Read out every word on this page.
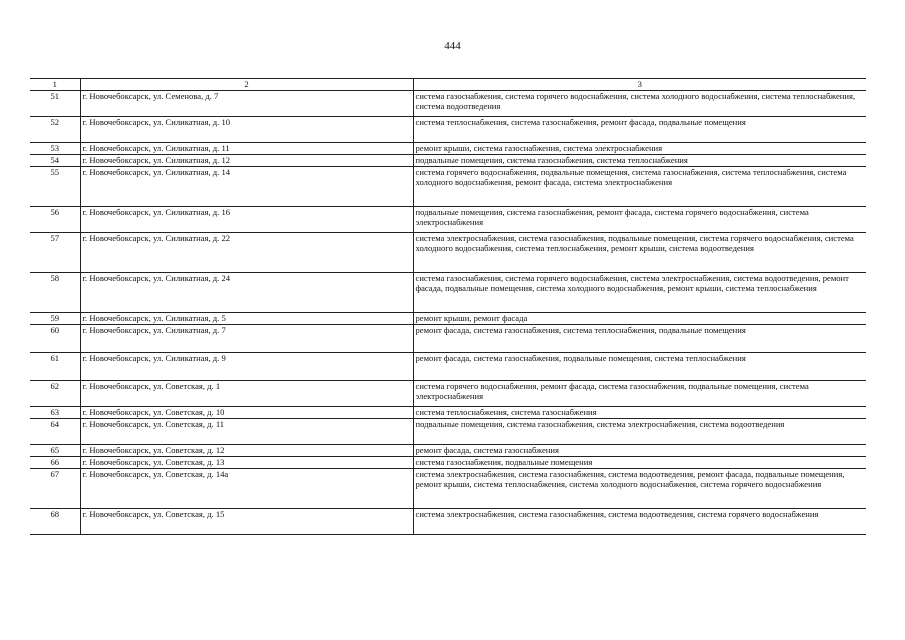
444
1	2	3
51	г. Новочебоксарск, ул. Семенова, д. 7	система газоснабжения, система горячего водоснабжения, система холодного водоснабжения, система теплоснабжения, система водоотведения
52	г. Новочебоксарск, ул. Силикатная, д. 10	система теплоснабжения, система газоснабжения, ремонт фасада, подвальные помещения
53	г. Новочебоксарск, ул. Силикатная, д. 11	ремонт крыши, система газоснабжения, система электроснабжения
54	г. Новочебоксарск, ул. Силикатная, д. 12	подвальные помещения, система газоснабжения, система теплоснабжения
55	г. Новочебоксарск, ул. Силикатная, д. 14	система горячего водоснабжения, подвальные помещения, система газоснабжения, система теплоснабжения, система холодного водоснабжения, ремонт фасада, система электроснабжения
56	г. Новочебоксарск, ул. Силикатная, д. 16	подвальные помещения, система газоснабжения, ремонт фасада, система горячего водоснабжения, система электроснабжения
57	г. Новочебоксарск, ул. Силикатная, д. 22	система электроснабжения, система газоснабжения, подвальные помещения, система горячего водоснабжения, система холодного водоснабжения, система теплоснабжения, ремонт крыши, система водоотведения
58	г. Новочебоксарск, ул. Силикатная, д. 24	система газоснабжения, система горячего водоснабжения, система электроснабжения, система водоотведения, ремонт фасада, подвальные помещения, система холодного водоснабжения, ремонт крыши, система теплоснабжения
59	г. Новочебоксарск, ул. Силикатная, д. 5	ремонт крыши, ремонт фасада
60	г. Новочебоксарск, ул. Силикатная, д. 7	ремонт фасада, система газоснабжения, система теплоснабжения, подвальные помещения
61	г. Новочебоксарск, ул. Силикатная, д. 9	ремонт фасада, система газоснабжения, подвальные помещения, система теплоснабжения
62	г. Новочебоксарск, ул. Советская, д. 1	система горячего водоснабжения, ремонт фасада, система газоснабжения, подвальные помещения, система электроснабжения
63	г. Новочебоксарск, ул. Советская, д. 10	система теплоснабжения, система газоснабжения
64	г. Новочебоксарск, ул. Советская, д. 11	подвальные помещения, система газоснабжения, система электроснабжения, система водоотведения
65	г. Новочебоксарск, ул. Советская, д. 12	ремонт фасада, система газоснабжения
66	г. Новочебоксарск, ул. Советская, д. 13	система газоснабжения, подвальные помещения
67	г. Новочебоксарск, ул. Советская, д. 14а	система электроснабжения, система газоснабжения, система водоотведения, ремонт фасада, подвальные помещения, ремонт крыши, система теплоснабжения, система холодного водоснабжения, система горячего водоснабжения
68	г. Новочебоксарск, ул. Советская, д. 15	система электроснабжения, система газоснабжения, система водоотведения, система горячего водоснабжения
